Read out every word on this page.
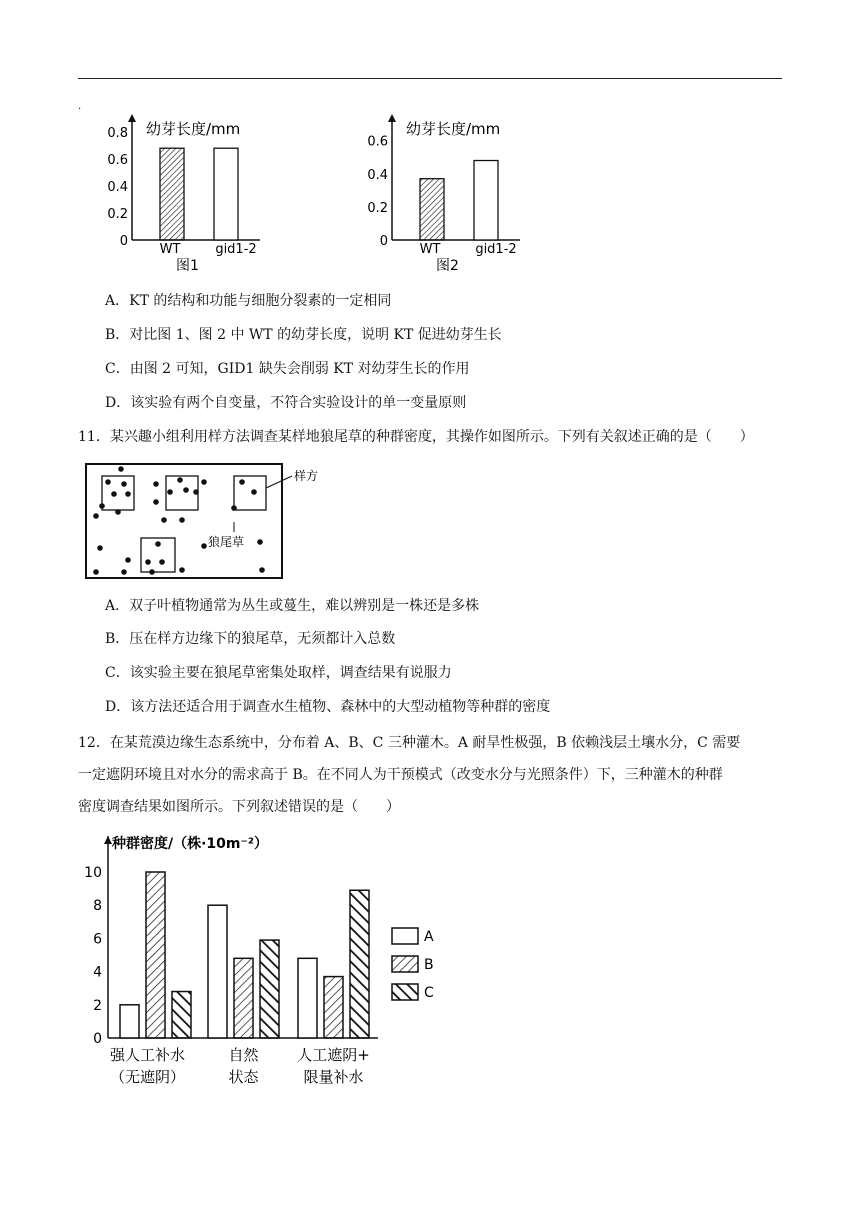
·
幼芽长度/mm
0
0.2
0.4
0.6
0.8
WT	gid1-2
图1
幼芽长度/mm
0
0.2
0.4
0.6
WT	gid1-2
图2
A．KT 的结构和功能与细胞分裂素的一定相同
B．对比图 1、图 2 中 WT 的幼芽长度，说明 KT 促进幼芽生长
C．由图 2 可知，GID1 缺失会削弱 KT 对幼芽生长的作用
D．该实验有两个自变量，不符合实验设计的单一变量原则
11．某兴趣小组利用样方法调查某样地狼尾草的种群密度，其操作如图所示。下列有关叙述正确的是（　　）
样方
狼尾草
A．双子叶植物通常为丛生或蔓生，难以辨别是一株还是多株
B．压在样方边缘下的狼尾草，无须都计入总数
C．该实验主要在狼尾草密集处取样，调查结果有说服力
D．该方法还适合用于调查水生植物、森林中的大型动植物等种群的密度
12．在某荒漠边缘生态系统中，分布着 A、B、C 三种灌木。A 耐旱性极强，B 依赖浅层土壤水分，C 需要
一定遮阴环境且对水分的需求高于 B。在不同人为干预模式（改变水分与光照条件）下，三种灌木的种群
密度调查结果如图所示。下列叙述错误的是（　　）
种群密度/（株·10m⁻²）
0
2
4
6
8
10
强人工补水
（无遮阴）
自然
状态
人工遮阴+
限量补水
A
B
C
